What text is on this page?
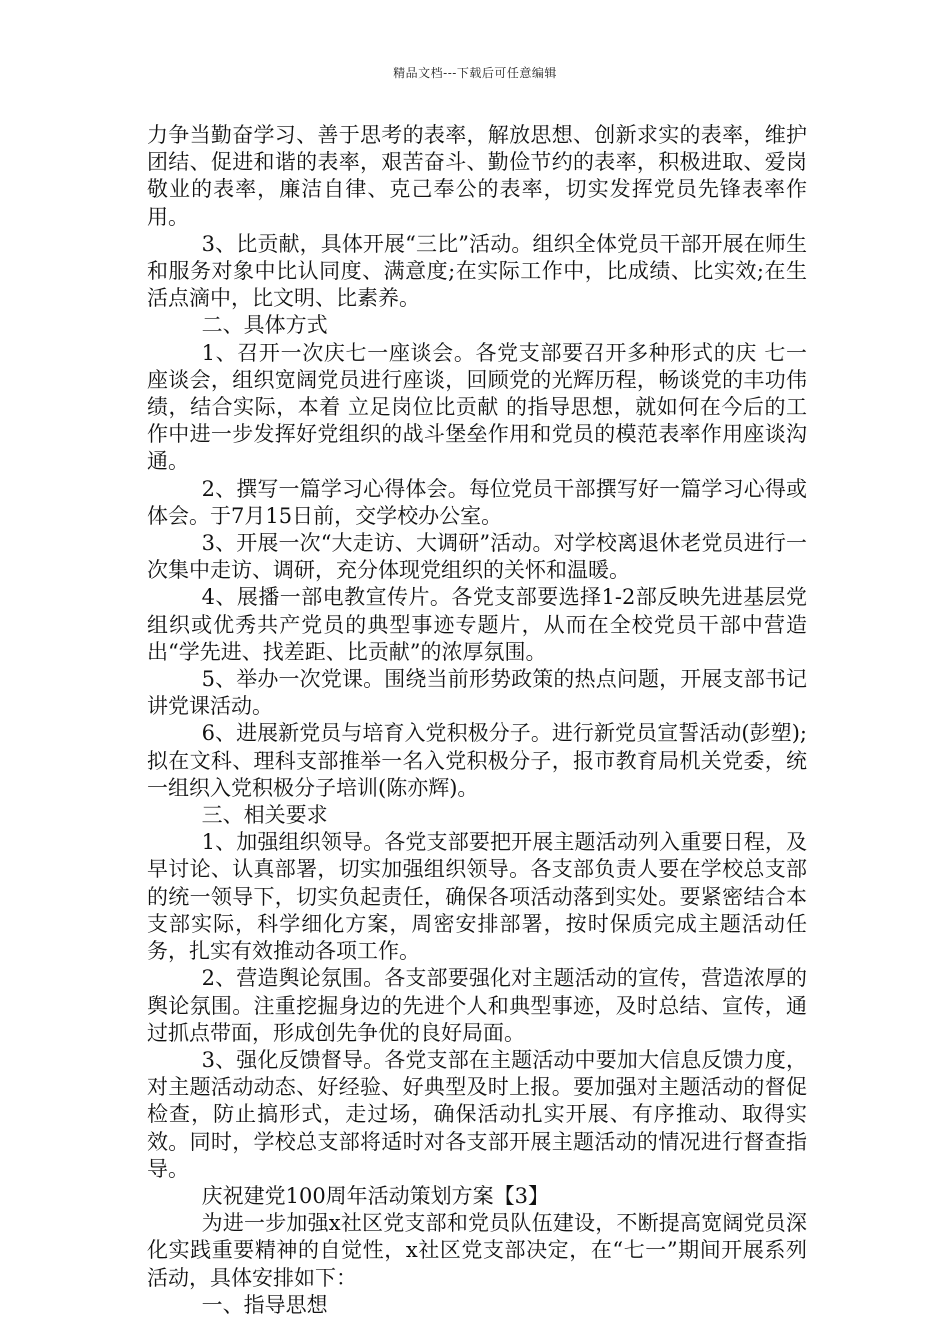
精品文档---下载后可任意编辑

力争当勤奋学习、善于思考的表率，解放思想、创新求实的表率，维护团结、促进和谐的表率，艰苦奋斗、勤俭节约的表率，积极进取、爱岗敬业的表率，廉洁自律、克己奉公的表率，切实发挥党员先锋表率作用。

3、比贡献，具体开展“三比”活动。组织全体党员干部开展在师生和服务对象中比认同度、满意度;在实际工作中，比成绩、比实效;在生活点滴中，比文明、比素养。

二、具体方式

1、召开一次庆七一座谈会。各党支部要召开多种形式的庆 七一 座谈会，组织宽阔党员进行座谈，回顾党的光辉历程，畅谈党的丰功伟绩，结合实际，本着 立足岗位比贡献 的指导思想，就如何在今后的工作中进一步发挥好党组织的战斗堡垒作用和党员的模范表率作用座谈沟通。

2、撰写一篇学习心得体会。每位党员干部撰写好一篇学习心得或体会。于7月15日前，交学校办公室。

3、开展一次“大走访、大调研”活动。对学校离退休老党员进行一次集中走访、调研，充分体现党组织的关怀和温暖。

4、展播一部电教宣传片。各党支部要选择1-2部反映先进基层党组织或优秀共产党员的典型事迹专题片，从而在全校党员干部中营造出“学先进、找差距、比贡献”的浓厚氛围。

5、举办一次党课。围绕当前形势政策的热点问题，开展支部书记讲党课活动。

6、进展新党员与培育入党积极分子。进行新党员宣誓活动(彭塑);拟在文科、理科支部推举一名入党积极分子，报市教育局机关党委，统一组织入党积极分子培训(陈亦辉)。

三、相关要求

1、加强组织领导。各党支部要把开展主题活动列入重要日程，及早讨论、认真部署，切实加强组织领导。各支部负责人要在学校总支部的统一领导下，切实负起责任，确保各项活动落到实处。要紧密结合本支部实际，科学细化方案，周密安排部署，按时保质完成主题活动任务，扎实有效推动各项工作。

2、营造舆论氛围。各支部要强化对主题活动的宣传，营造浓厚的舆论氛围。注重挖掘身边的先进个人和典型事迹，及时总结、宣传，通过抓点带面，形成创先争优的良好局面。

3、强化反馈督导。各党支部在主题活动中要加大信息反馈力度，对主题活动动态、好经验、好典型及时上报。要加强对主题活动的督促检查，防止搞形式，走过场，确保活动扎实开展、有序推动、取得实效。同时，学校总支部将适时对各支部开展主题活动的情况进行督查指导。

庆祝建党100周年活动策划方案【3】

为进一步加强x社区党支部和党员队伍建设，不断提高宽阔党员深化实践重要精神的自觉性，x社区党支部决定，在“七一”期间开展系列活动，具体安排如下：

一、指导思想
